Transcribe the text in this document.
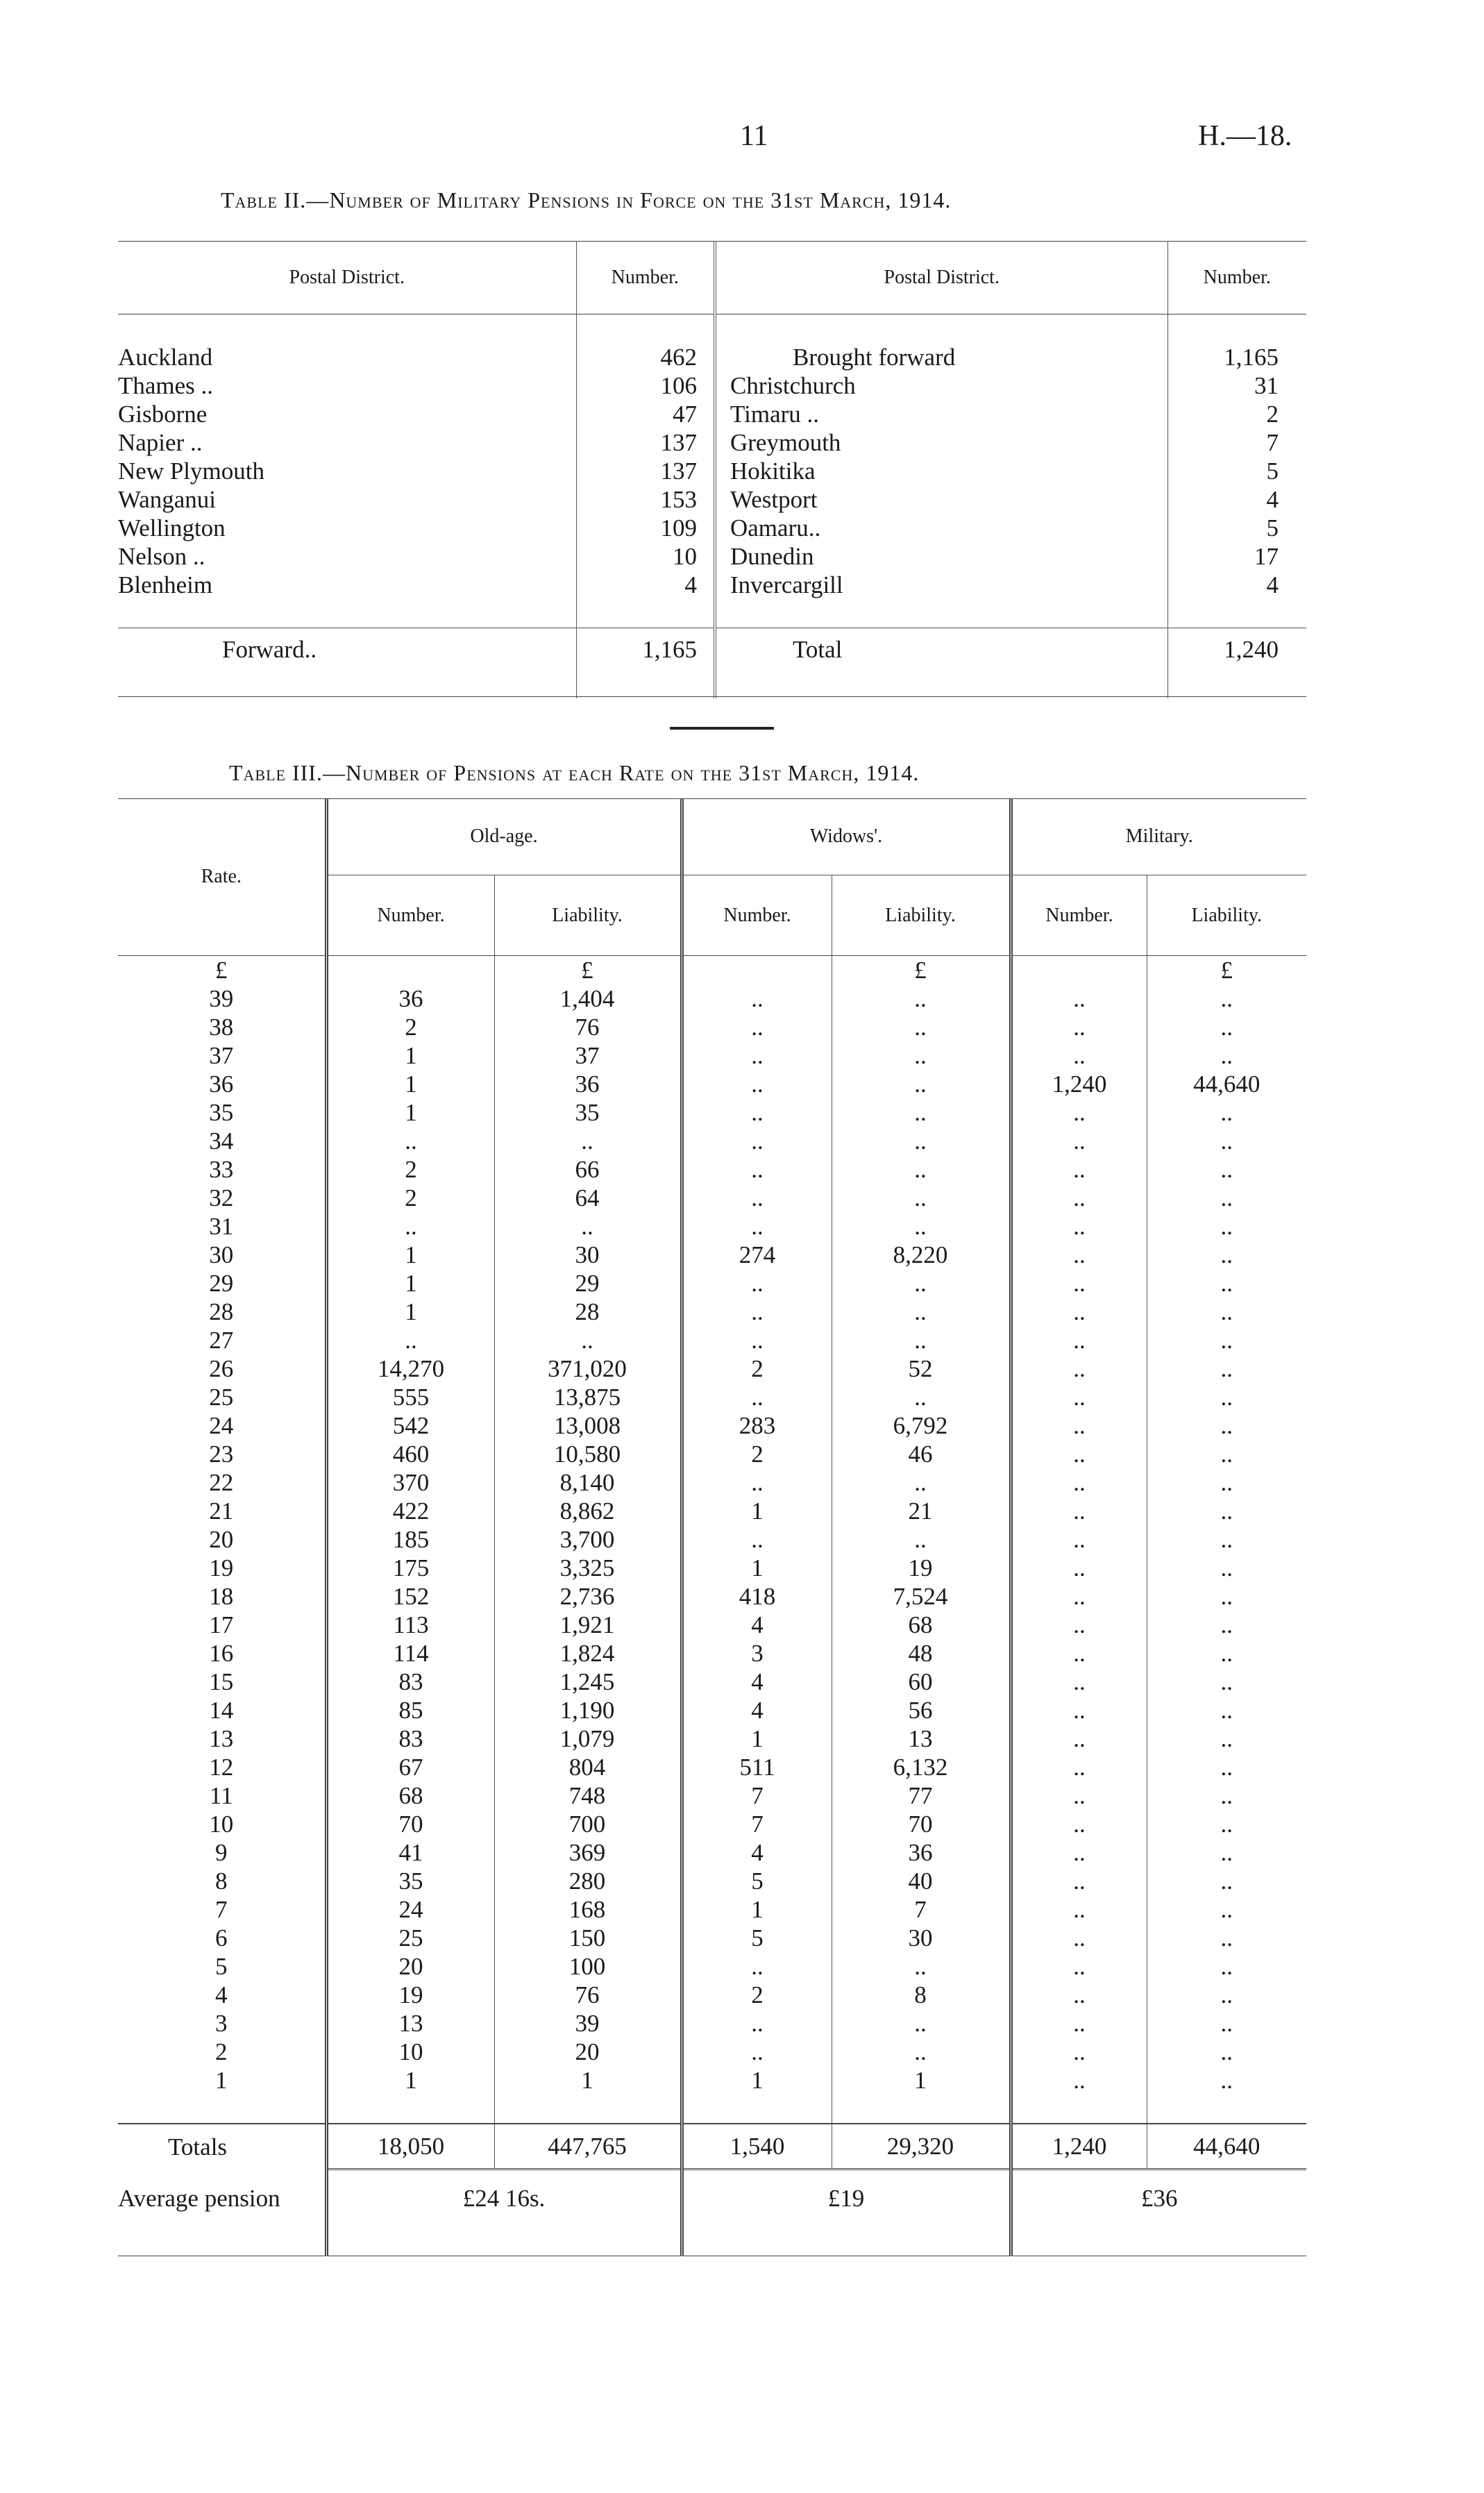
11	H.—18.
Table II.—Number of Military Pensions in Force on the 31st March, 1914.
Postal District.	Number.	Postal District.	Number.

Auckland	462	Brought forward	1,165
Thames ..	106	Christchurch	31
Gisborne	47	Timaru ..	2
Napier ..	137	Greymouth	7
New Plymouth	137	Hokitika	5
Wanganui	153	Westport	4
Wellington	109	Oamaru..	5
Nelson ..	10	Dunedin	17
Blenheim	4	Invercargill	4

Forward..	1,165	Total	1,240

Table III.—Number of Pensions at each Rate on the 31st March, 1914.
Rate.	Old-age.		Widows'.		Military.	
	Number.	Liability.	Number.	Liability.	Number.	Liability.
£		£		£		£
39	36	1,404	..	..	..	..
38	2	76	..	..	..	..
37	1	37	..	..	..	..
36	1	36	..	..	1,240	44,640
35	1	35	..	..	..	..
34	..	..	..	..	..	..
33	2	66	..	..	..	..
32	2	64	..	..	..	..
31	..	..	..	..	..	..
30	1	30	274	8,220	..	..
29	1	29	..	..	..	..
28	1	28	..	..	..	..
27	..	..	..	..	..	..
26	14,270	371,020	2	52	..	..
25	555	13,875	..	..	..	..
24	542	13,008	283	6,792	..	..
23	460	10,580	2	46	..	..
22	370	8,140	..	..	..	..
21	422	8,862	1	21	..	..
20	185	3,700	..	..	..	..
19	175	3,325	1	19	..	..
18	152	2,736	418	7,524	..	..
17	113	1,921	4	68	..	..
16	114	1,824	3	48	..	..
15	83	1,245	4	60	..	..
14	85	1,190	4	56	..	..
13	83	1,079	1	13	..	..
12	67	804	511	6,132	..	..
11	68	748	7	77	..	..
10	70	700	7	70	..	..
9	41	369	4	36	..	..
8	35	280	5	40	..	..
7	24	168	1	7	..	..
6	25	150	5	30	..	..
5	20	100	..	..	..	..
4	19	76	2	8	..	..
3	13	39	..	..	..	..
2	10	20	..	..	..	..
1	1	1	1	1	..	..

Totals	18,050	447,765	1,540	29,320	1,240	44,640
Average pension	£24 16s.		£19		£36	
